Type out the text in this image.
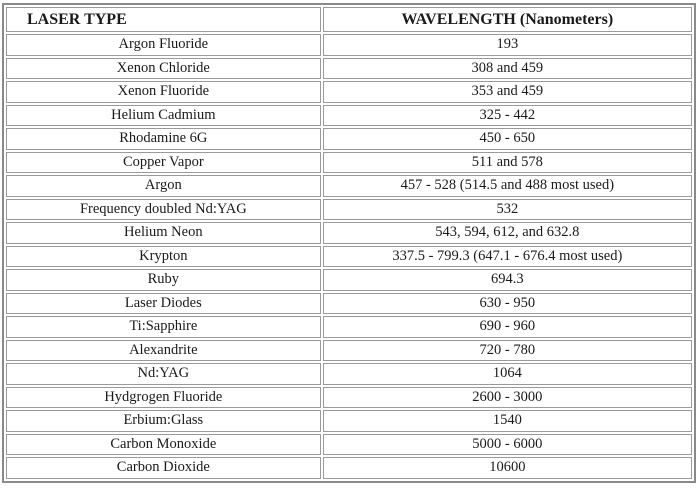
LASER TYPE	WAVELENGTH (Nanometers)
Argon Fluoride	193
Xenon Chloride	308 and 459
Xenon Fluoride	353 and 459
Helium Cadmium	325 - 442
Rhodamine 6G	450 - 650
Copper Vapor	511 and 578
Argon	457 - 528 (514.5 and 488 most used)
Frequency doubled Nd:YAG	532
Helium Neon	543, 594, 612, and 632.8
Krypton	337.5 - 799.3 (647.1 - 676.4 most used)
Ruby	694.3
Laser Diodes	630 - 950
Ti:Sapphire	690 - 960
Alexandrite	720 - 780
Nd:YAG	1064
Hydgrogen Fluoride	2600 - 3000
Erbium:Glass	1540
Carbon Monoxide	5000 - 6000
Carbon Dioxide	10600
